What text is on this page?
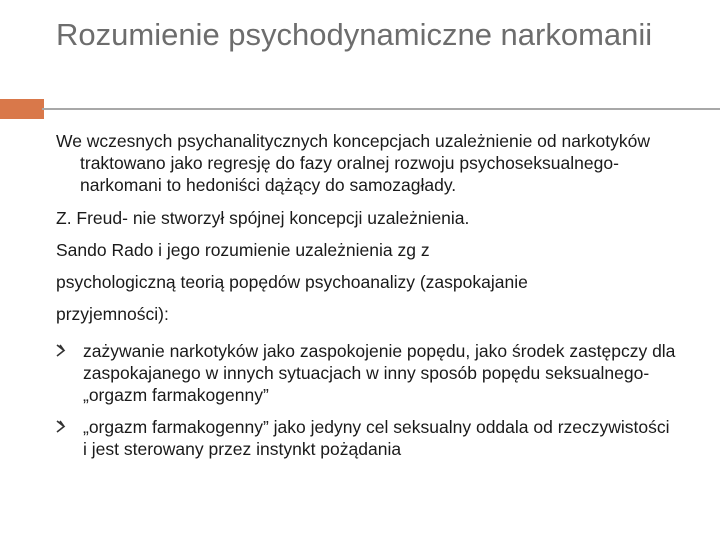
Rozumienie psychodynamiczne narkomanii

We wczesnych psychanalitycznych koncepcjach uzależnienie od narkotyków traktowano jako regresję do fazy oralnej rozwoju psychoseksualnego- narkomani to hedoniści dążący do samozagłady.

Z. Freud- nie stworzył spójnej koncepcji uzależnienia.

Sando Rado i jego rozumienie uzależnienia zg z

psychologiczną teorią popędów psychoanalizy (zaspokajanie

przyjemności):

zażywanie narkotyków jako zaspokojenie popędu, jako środek zastępczy dla zaspokajanego w innych sytuacjach w inny sposób popędu seksualnego- „orgazm farmakogenny”
„orgazm farmakogenny” jako jedyny cel seksualny oddala od rzeczywistości i jest sterowany przez instynkt pożądania
